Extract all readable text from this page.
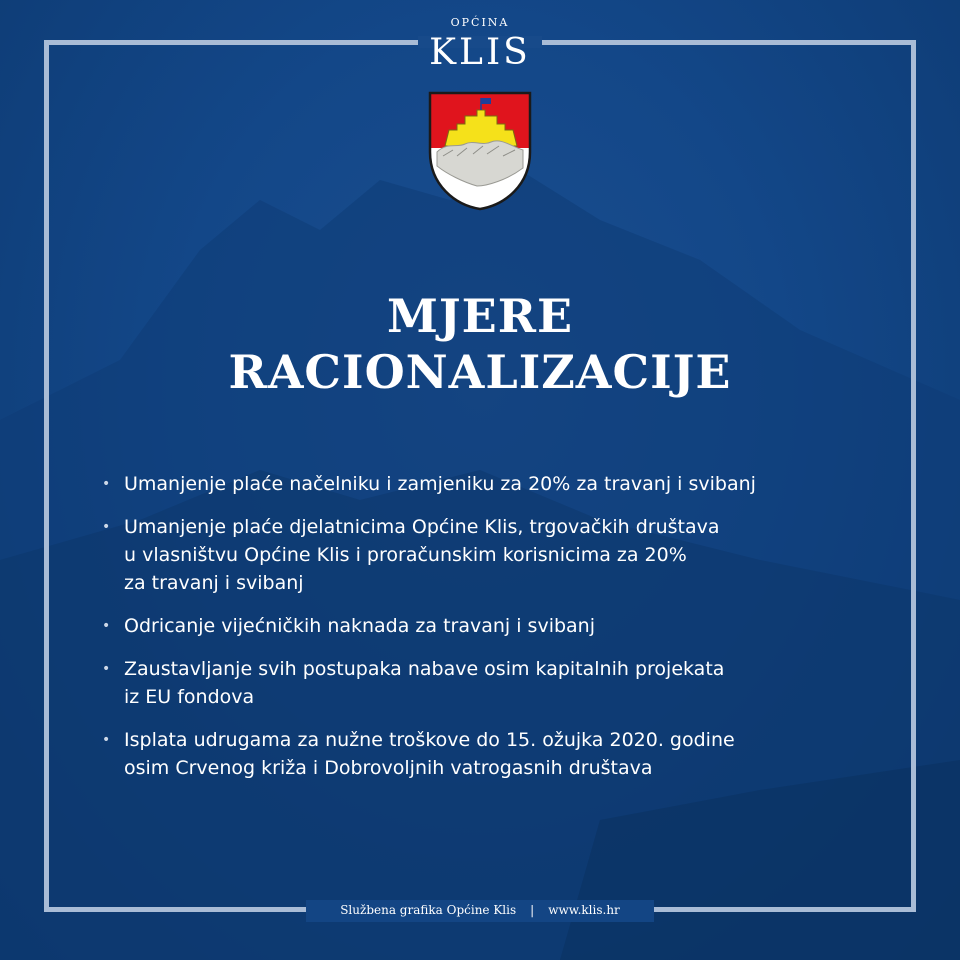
OPĆINA
KLIS
MJERE
RACIONALIZACIJE
• Umanjenje plaće načelniku i zamjeniku za 20% za travanj i svibanj
• Umanjenje plaće djelatnicima Općine Klis, trgovačkih društava
u vlasništvu Općine Klis i proračunskim korisnicima za 20%
za travanj i svibanj
• Odricanje vijećničkih naknada za travanj i svibanj
• Zaustavljanje svih postupaka nabave osim kapitalnih projekata
iz EU fondova
• Isplata udrugama za nužne troškove do 15. ožujka 2020. godine
osim Crvenog križa i Dobrovoljnih vatrogasnih društava
Službena grafika Općine Klis | www.klis.hr
